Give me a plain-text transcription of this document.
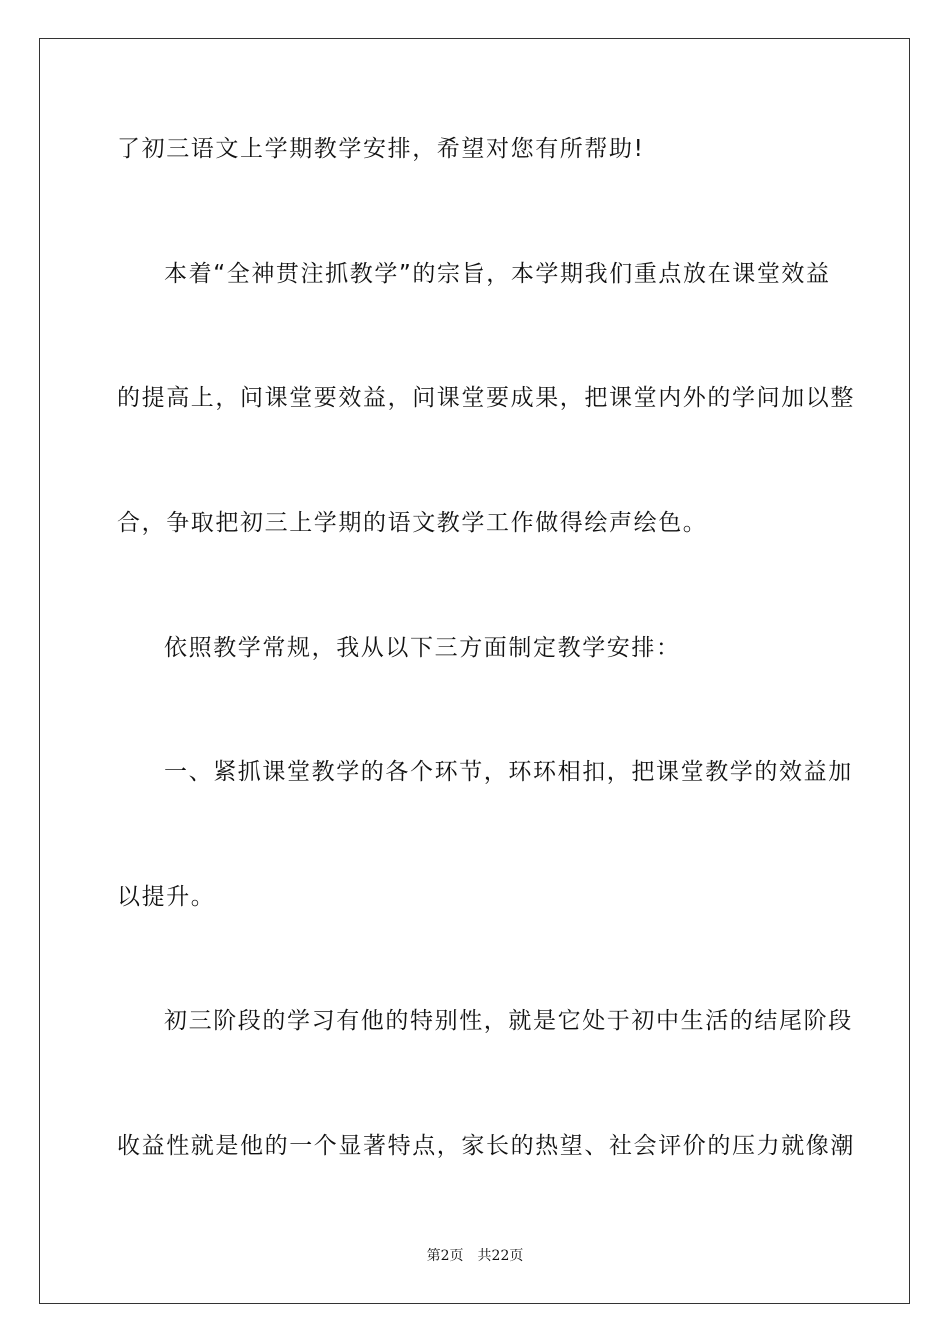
了初三语文上学期教学安排，希望对您有所帮助!
本着“全神贯注抓教学”的宗旨，本学期我们重点放在课堂效益
的提高上，问课堂要效益，问课堂要成果，把课堂内外的学问加以整
合，争取把初三上学期的语文教学工作做得绘声绘色。
依照教学常规，我从以下三方面制定教学安排：
一、紧抓课堂教学的各个环节，环环相扣，把课堂教学的效益加
以提升。
初三阶段的学习有他的特别性，就是它处于初中生活的结尾阶段
收益性就是他的一个显著特点，家长的热望、社会评价的压力就像潮
第2页 共22页
